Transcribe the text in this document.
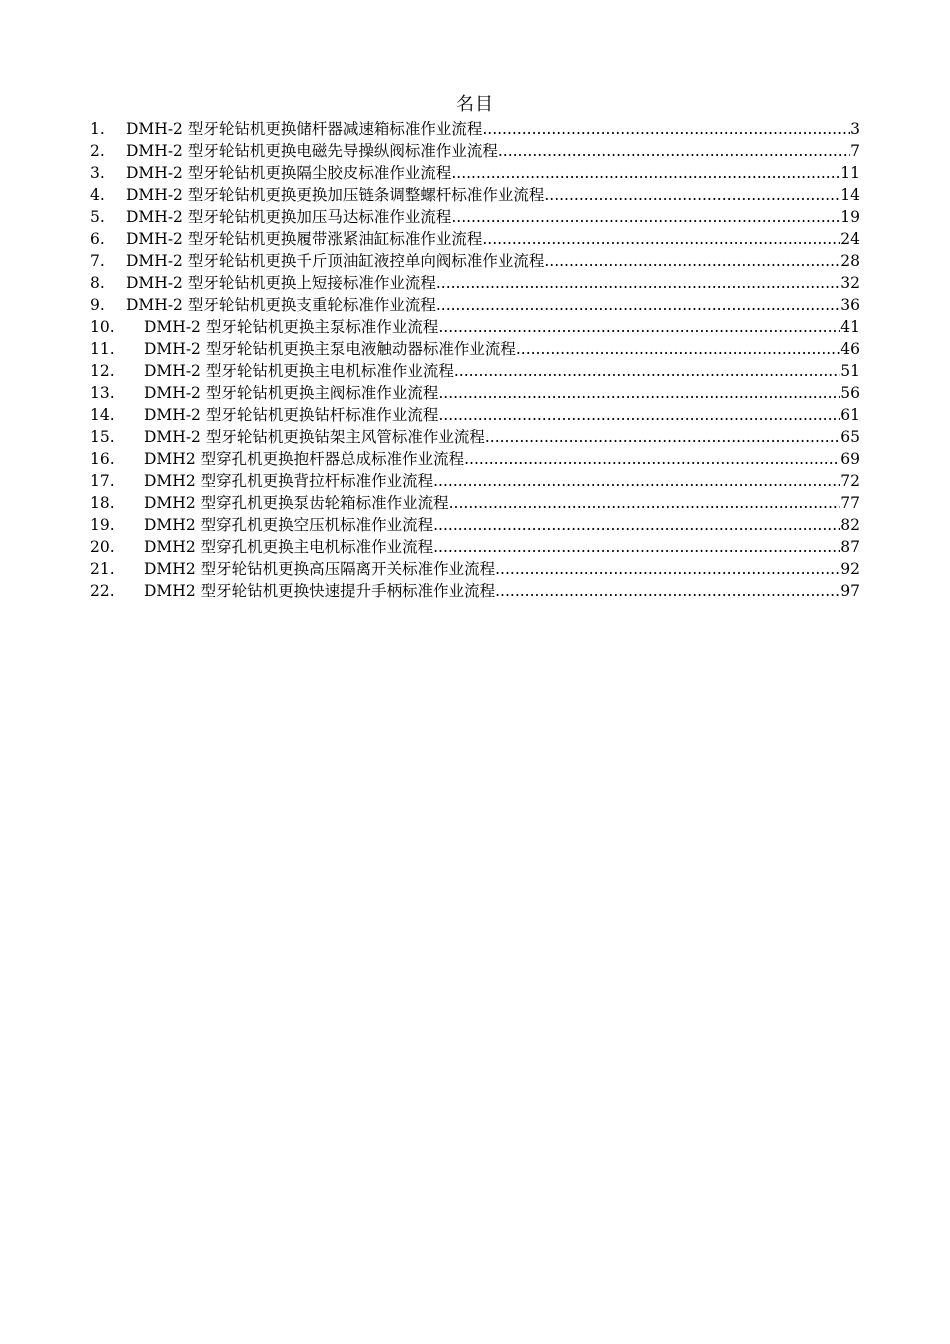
名目
1.	DMH-2 型牙轮钻机更换储杆器减速箱标准作业流程 .....	3
2.	DMH-2 型牙轮钻机更换电磁先导操纵阀标准作业流程 .....	7
3.	DMH-2 型牙轮钻机更换隔尘胶皮标准作业流程 .....	11
4.	DMH-2 型牙轮钻机更换更换加压链条调整螺杆标准作业流程 .....	14
5.	DMH-2 型牙轮钻机更换加压马达标准作业流程 .....	19
6.	DMH-2 型牙轮钻机更换履带涨紧油缸标准作业流程 .....	24
7.	DMH-2 型牙轮钻机更换千斤顶油缸液控单向阀标准作业流程 .....	28
8.	DMH-2 型牙轮钻机更换上短接标准作业流程 .....	32
9.	DMH-2 型牙轮钻机更换支重轮标准作业流程 .....	36
10.	DMH-2 型牙轮钻机更换主泵标准作业流程 .....	41
11.	DMH-2 型牙轮钻机更换主泵电液触动器标准作业流程 .....	46
12.	DMH-2 型牙轮钻机更换主电机标准作业流程 .....	51
13.	DMH-2 型牙轮钻机更换主阀标准作业流程 .....	56
14.	DMH-2 型牙轮钻机更换钻杆标准作业流程 .....	61
15.	DMH-2 型牙轮钻机更换钻架主风管标准作业流程 .....	65
16.	DMH2 型穿孔机更换抱杆器总成标准作业流程 .....	69
17.	DMH2 型穿孔机更换背拉杆标准作业流程 .....	72
18.	DMH2 型穿孔机更换泵齿轮箱标准作业流程 .....	77
19.	DMH2 型穿孔机更换空压机标准作业流程 .....	82
20.	DMH2 型穿孔机更换主电机标准作业流程 .....	87
21.	DMH2 型牙轮钻机更换高压隔离开关标准作业流程 .....	92
22.	DMH2 型牙轮钻机更换快速提升手柄标准作业流程 .....	97
